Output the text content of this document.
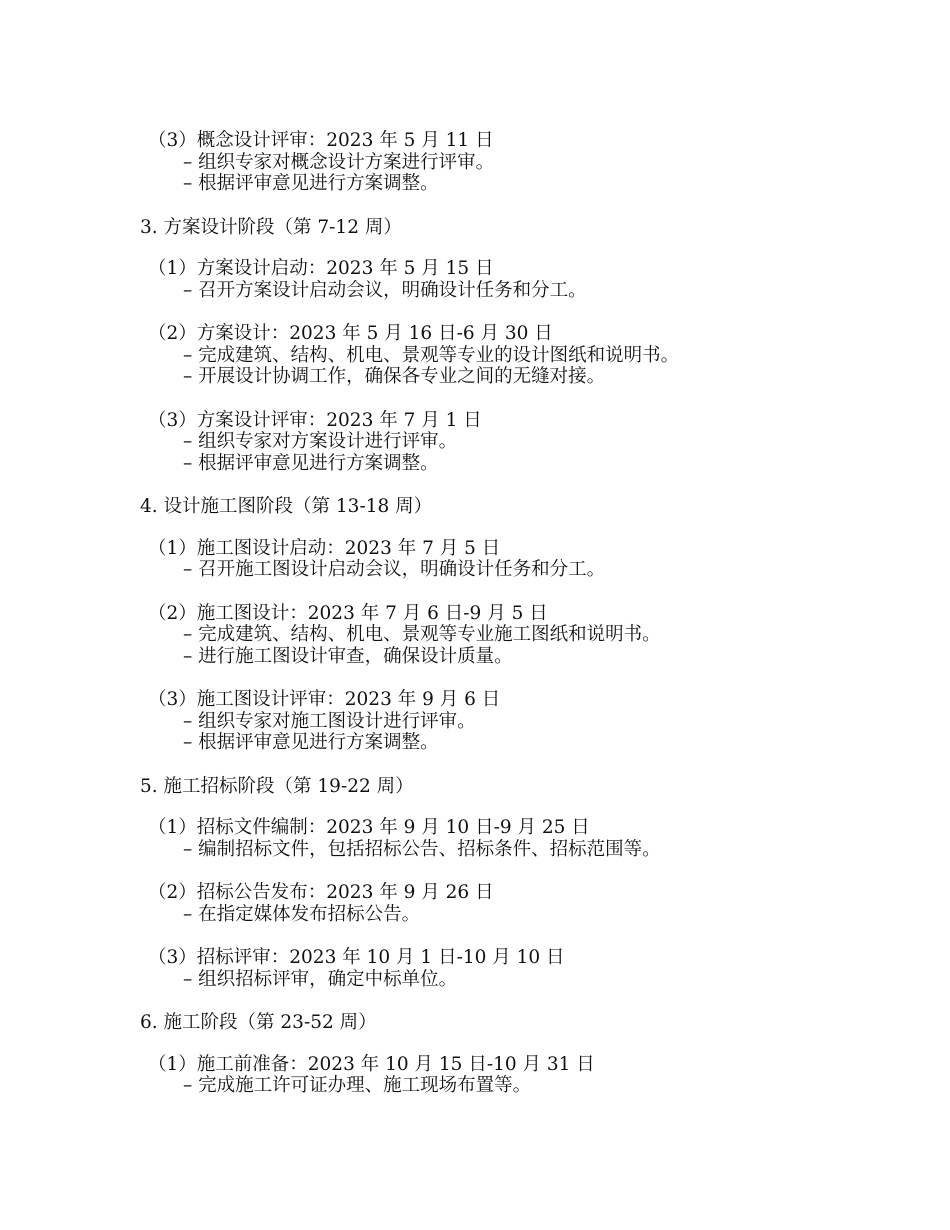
（3）概念设计评审：2023 年 5 月 11 日
– 组织专家对概念设计方案进行评审。
– 根据评审意见进行方案调整。
3. 方案设计阶段（第 7-12 周）
（1）方案设计启动：2023 年 5 月 15 日
– 召开方案设计启动会议，明确设计任务和分工。
（2）方案设计：2023 年 5 月 16 日-6 月 30 日
– 完成建筑、结构、机电、景观等专业的设计图纸和说明书。
– 开展设计协调工作，确保各专业之间的无缝对接。
（3）方案设计评审：2023 年 7 月 1 日
– 组织专家对方案设计进行评审。
– 根据评审意见进行方案调整。
4. 设计施工图阶段（第 13-18 周）
（1）施工图设计启动：2023 年 7 月 5 日
– 召开施工图设计启动会议，明确设计任务和分工。
（2）施工图设计：2023 年 7 月 6 日-9 月 5 日
– 完成建筑、结构、机电、景观等专业施工图纸和说明书。
– 进行施工图设计审查，确保设计质量。
（3）施工图设计评审：2023 年 9 月 6 日
– 组织专家对施工图设计进行评审。
– 根据评审意见进行方案调整。
5. 施工招标阶段（第 19-22 周）
（1）招标文件编制：2023 年 9 月 10 日-9 月 25 日
– 编制招标文件，包括招标公告、招标条件、招标范围等。
（2）招标公告发布：2023 年 9 月 26 日
– 在指定媒体发布招标公告。
（3）招标评审：2023 年 10 月 1 日-10 月 10 日
– 组织招标评审，确定中标单位。
6. 施工阶段（第 23-52 周）
（1）施工前准备：2023 年 10 月 15 日-10 月 31 日
– 完成施工许可证办理、施工现场布置等。
